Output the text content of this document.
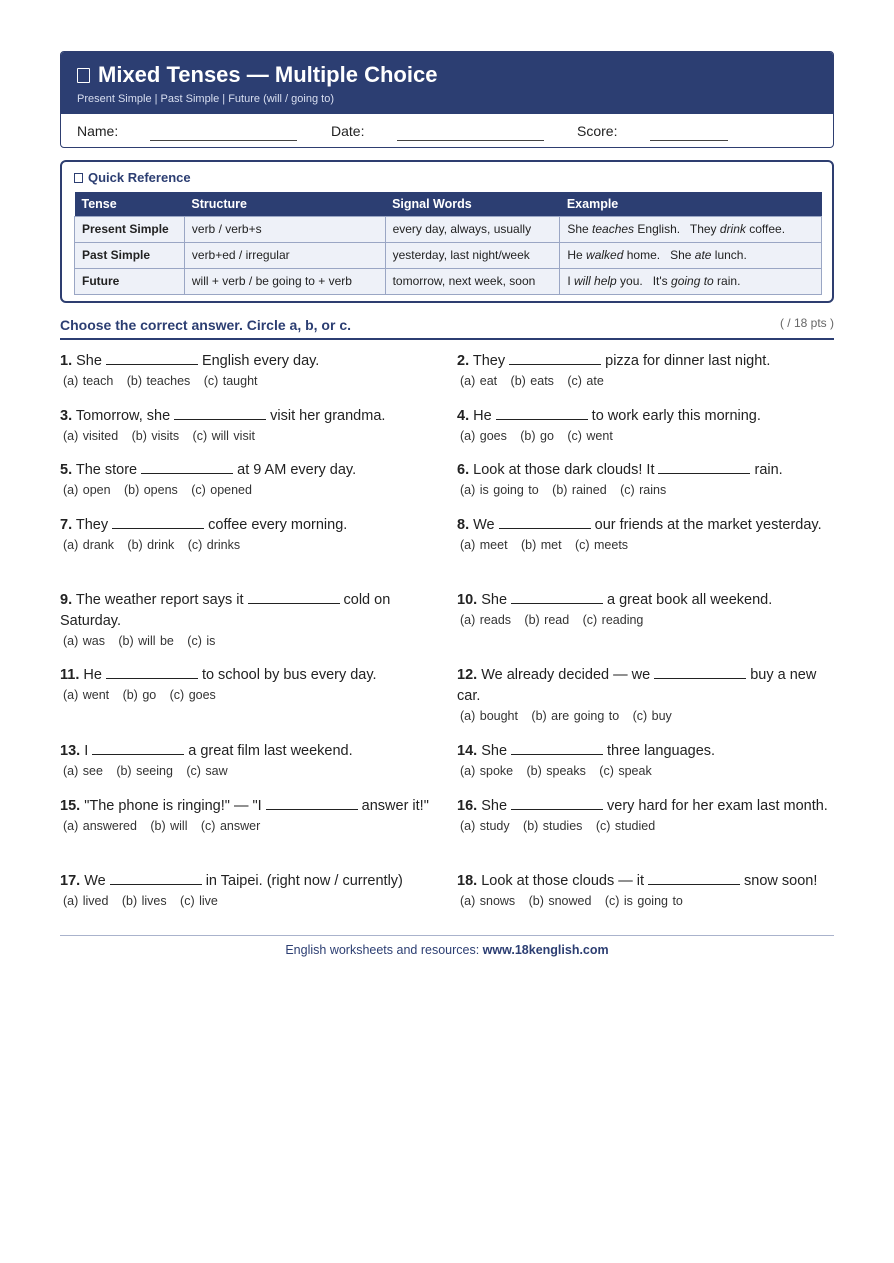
Mixed Tenses — Multiple Choice
Present Simple | Past Simple | Future (will / going to)
Name:	Date:	Score:
Quick Reference
Tense	Structure	Signal Words	Example
Present Simple	verb / verb+s	every day, always, usually	She teaches English.   They drink coffee.
Past Simple	verb+ed / irregular	yesterday, last night/week	He walked home.   She ate lunch.
Future	will + verb / be going to + verb	tomorrow, next week, soon	I will help you.   It's going to rain.
Choose the correct answer. Circle a, b, or c.	( / 18 pts )
1. She	English every day.
(a) teach   (b) teaches   (c) taught
2. They	pizza for dinner last night.
(a) eat   (b) eats   (c) ate
3. Tomorrow, she	visit her grandma.
(a) visited   (b) visits   (c) will visit
4. He	to work early this morning.
(a) goes   (b) go   (c) went
5. The store	at 9 AM every day.
(a) open   (b) opens   (c) opened
6. Look at those dark clouds! It	rain.
(a) is going to   (b) rained   (c) rains
7. They	coffee every morning.
(a) drank   (b) drink   (c) drinks
8. We	our friends at the market yesterday.
(a) meet   (b) met   (c) meets
9. The weather report says it	cold on Saturday.
(a) was   (b) will be   (c) is
10. She	a great book all weekend.
(a) reads   (b) read   (c) reading
11. He	to school by bus every day.
(a) went   (b) go   (c) goes
12. We already decided — we	buy a new car.
(a) bought   (b) are going to   (c) buy
13. I	a great film last weekend.
(a) see   (b) seeing   (c) saw
14. She	three languages.
(a) spoke   (b) speaks   (c) speak
15. "The phone is ringing!" — "I	answer it!"
(a) answered   (b) will   (c) answer
16. She	very hard for her exam last month.
(a) study   (b) studies   (c) studied
17. We	in Taipei. (right now / currently)
(a) lived   (b) lives   (c) live
18. Look at those clouds — it	snow soon!
(a) snows   (b) snowed   (c) is going to
English worksheets and resources: www.18kenglish.com
